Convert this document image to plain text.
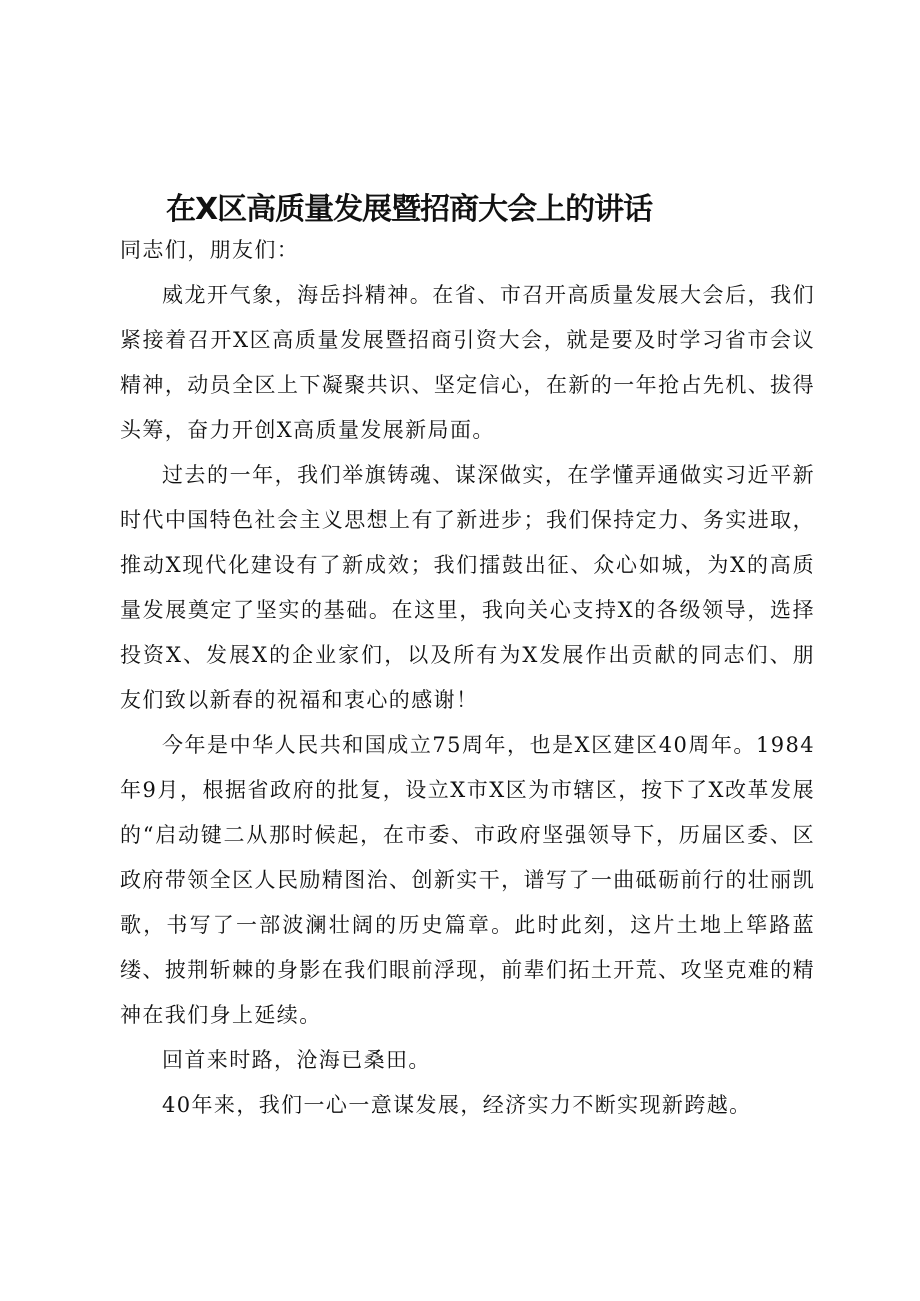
在X区高质量发展暨招商大会上的讲话

同志们，朋友们：

威龙开气象，海岳抖精神。在省、市召开高质量发展大会后，我们紧接着召开X区高质量发展暨招商引资大会，就是要及时学习省市会议精神，动员全区上下凝聚共识、坚定信心，在新的一年抢占先机、拔得头筹，奋力开创X高质量发展新局面。

过去的一年，我们举旗铸魂、谋深做实，在学懂弄通做实习近平新时代中国特色社会主义思想上有了新进步；我们保持定力、务实进取，推动X现代化建设有了新成效；我们擂鼓出征、众心如城，为X的高质量发展奠定了坚实的基础。在这里，我向关心支持X的各级领导，选择投资X、发展X的企业家们，以及所有为X发展作出贡献的同志们、朋友们致以新春的祝福和衷心的感谢！

今年是中华人民共和国成立75周年，也是X区建区40周年。1984年9月，根据省政府的批复，设立X市X区为市辖区，按下了X改革发展的“启动键二从那时候起，在市委、市政府坚强领导下，历届区委、区政府带领全区人民励精图治、创新实干，谱写了一曲砥砺前行的壮丽凯歌，书写了一部波澜壮阔的历史篇章。此时此刻，这片土地上筚路蓝缕、披荆斩棘的身影在我们眼前浮现，前辈们拓土开荒、攻坚克难的精神在我们身上延续。

回首来时路，沧海已桑田。

40年来，我们一心一意谋发展，经济实力不断实现新跨越。
